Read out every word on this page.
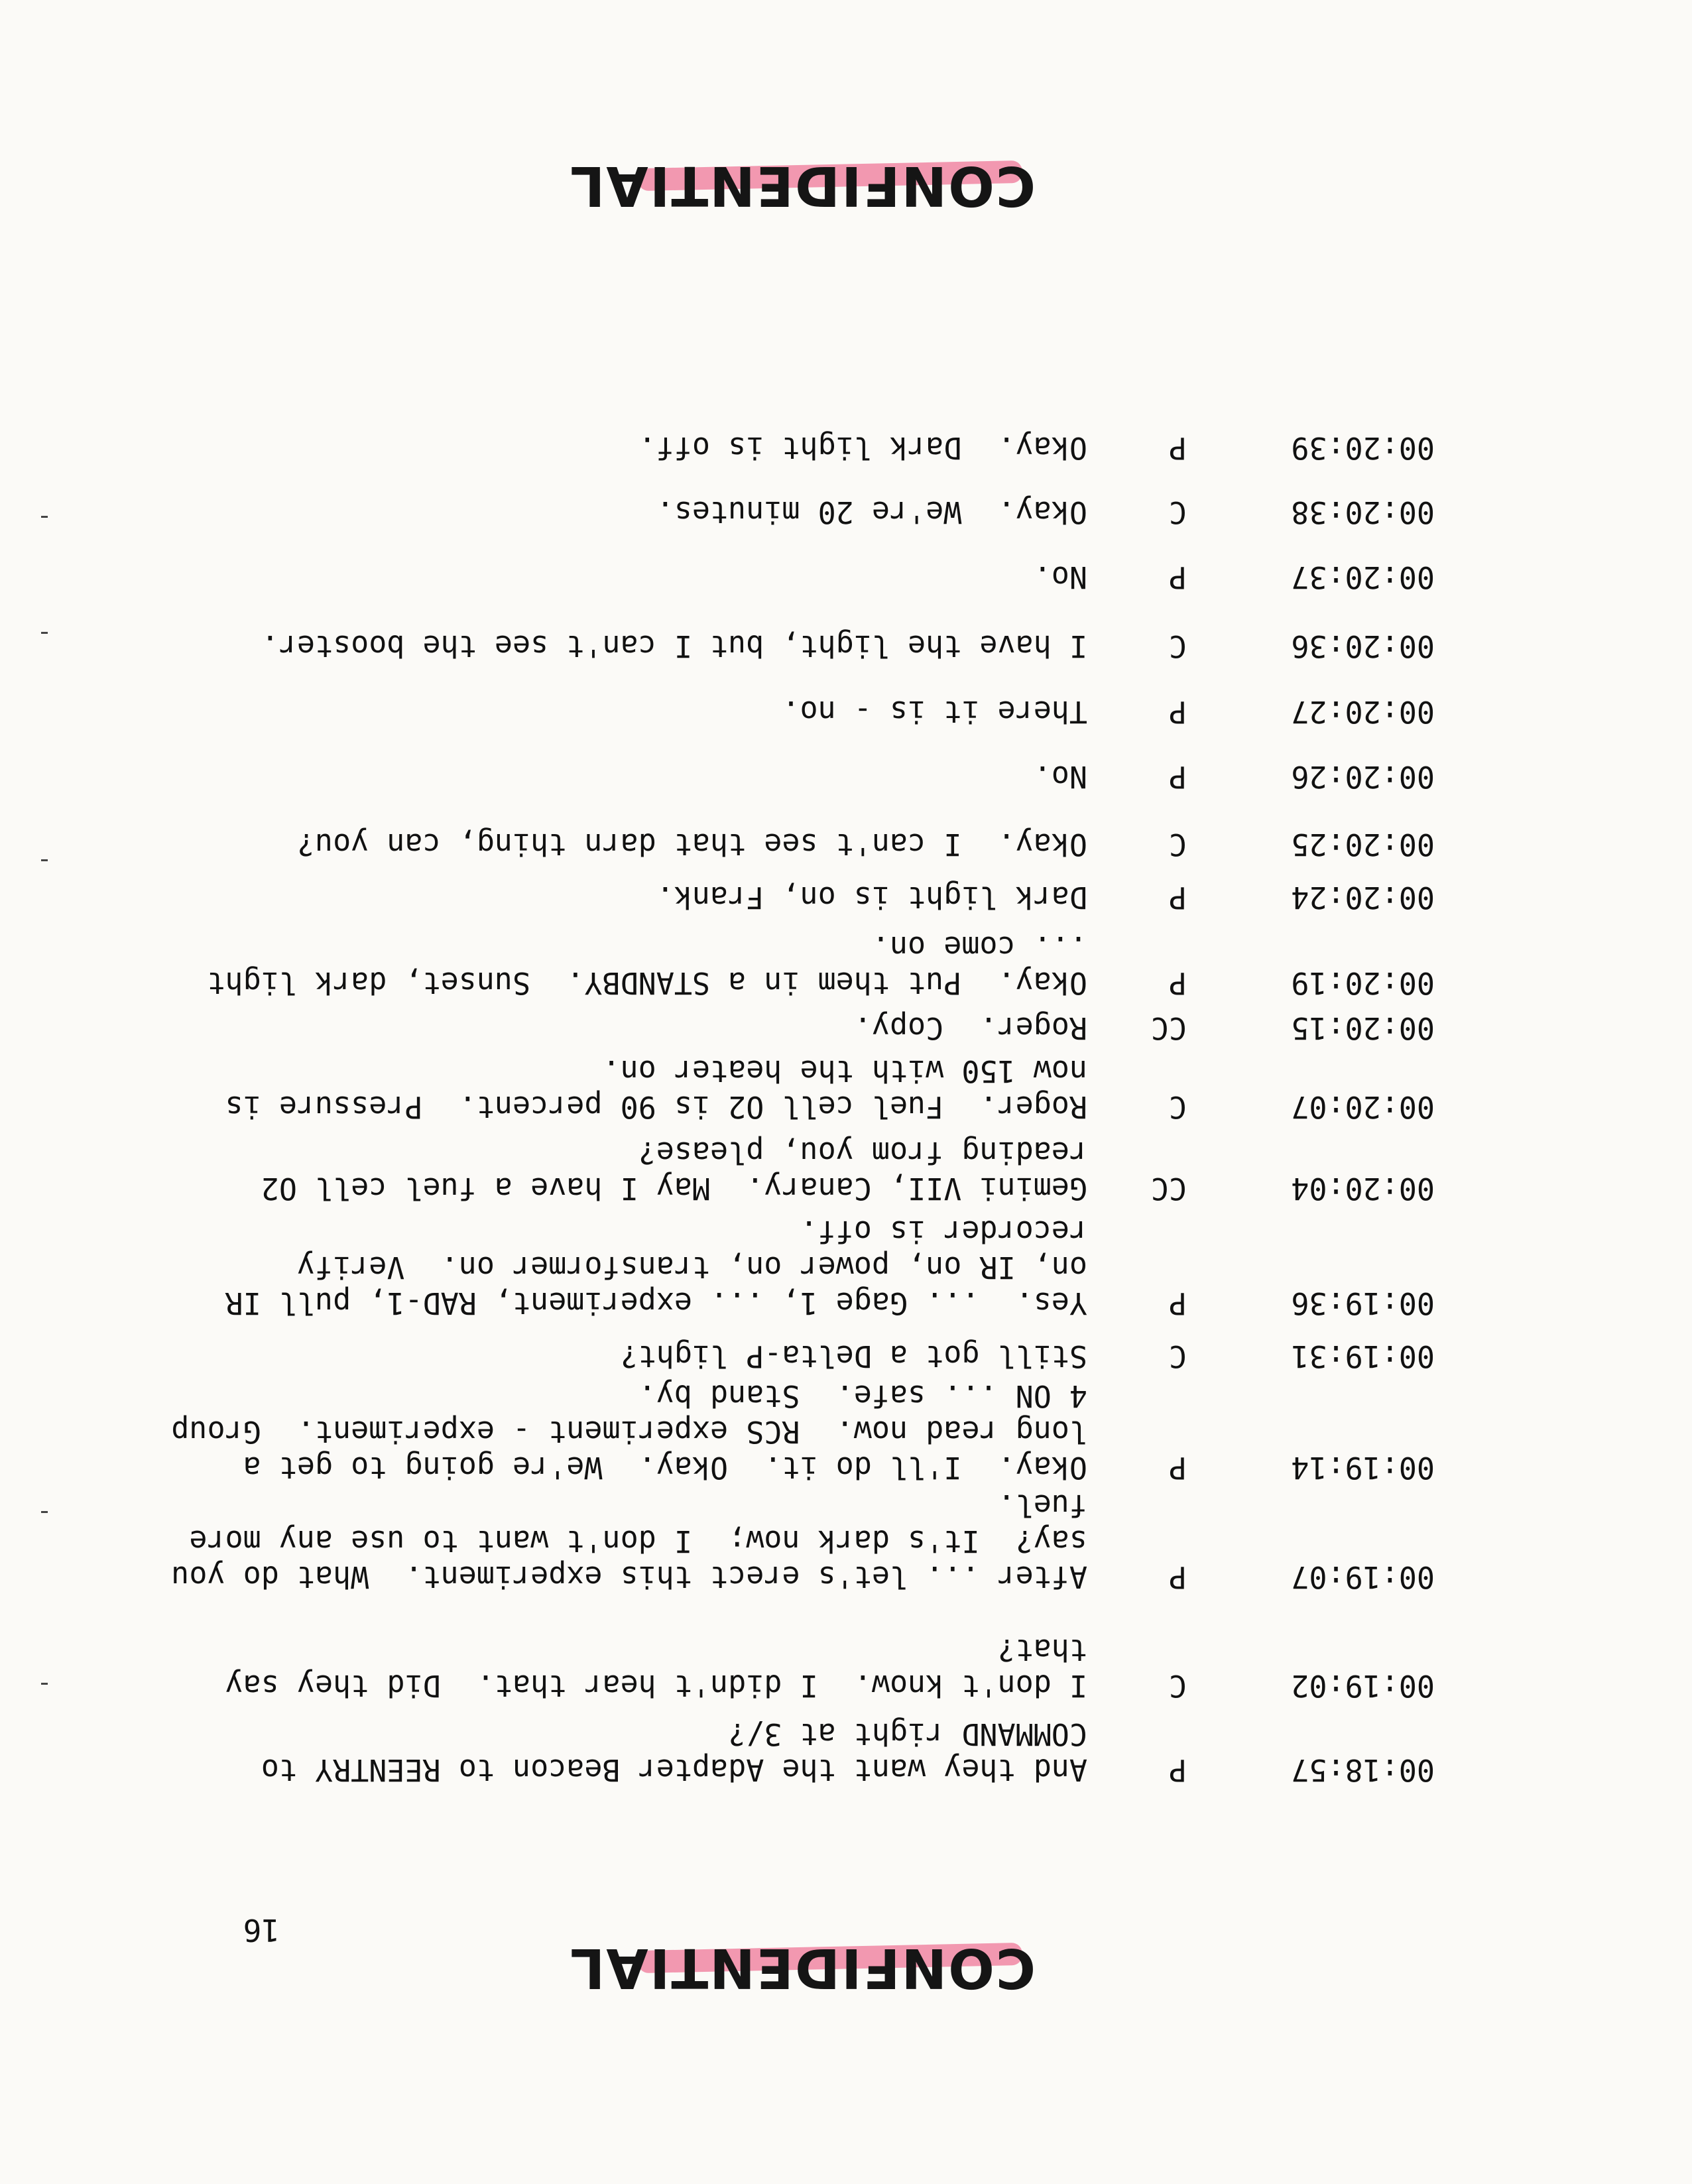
16
CONFIDENTIAL
00:18:57
P
And they want the Adapter Beacon to REENTRY to
COMMAND right at 3/?
00:19:02
C
I don't know.  I didn't hear that.  Did they say
that?
00:19:07
P
After ... let's erect this experiment.  What do you
say?  It's dark now;  I don't want to use any more
fuel.
00:19:14
P
Okay.  I'll do it.  Okay.  We're going to get a
long read now.  RCS experiment - experiment.  Group
4 ON ... safe.  Stand by.
00:19:31
C
Still got a Delta-P light?
00:19:36
P
Yes.  ... Gage 1, ... experiment, RAD-1, pull IR
on, IR on, power on, transformer on.  Verify
recorder is off.
00:20:04
CC
Gemini VII, Canary.  May I have a fuel cell O2
reading from you, please?
00:20:07
C
Roger.  Fuel cell O2 is 90 percent.  Pressure is
now 150 with the heater on.
00:20:15
CC
Roger.  Copy.
00:20:19
P
Okay.  Put them in a STANDBY.  Sunset, dark light
... come on.
00:20:24
P
Dark light is on, Frank.
00:20:25
C
Okay.  I can't see that darn thing, can you?
00:20:26
P
No.
00:20:27
P
There it is - no.
00:20:36
C
I have the light, but I can't see the booster.
00:20:37
P
No.
00:20:38
C
Okay.  We're 20 minutes.
00:20:39
P
Okay.  Dark light is off.
CONFIDENTIAL
